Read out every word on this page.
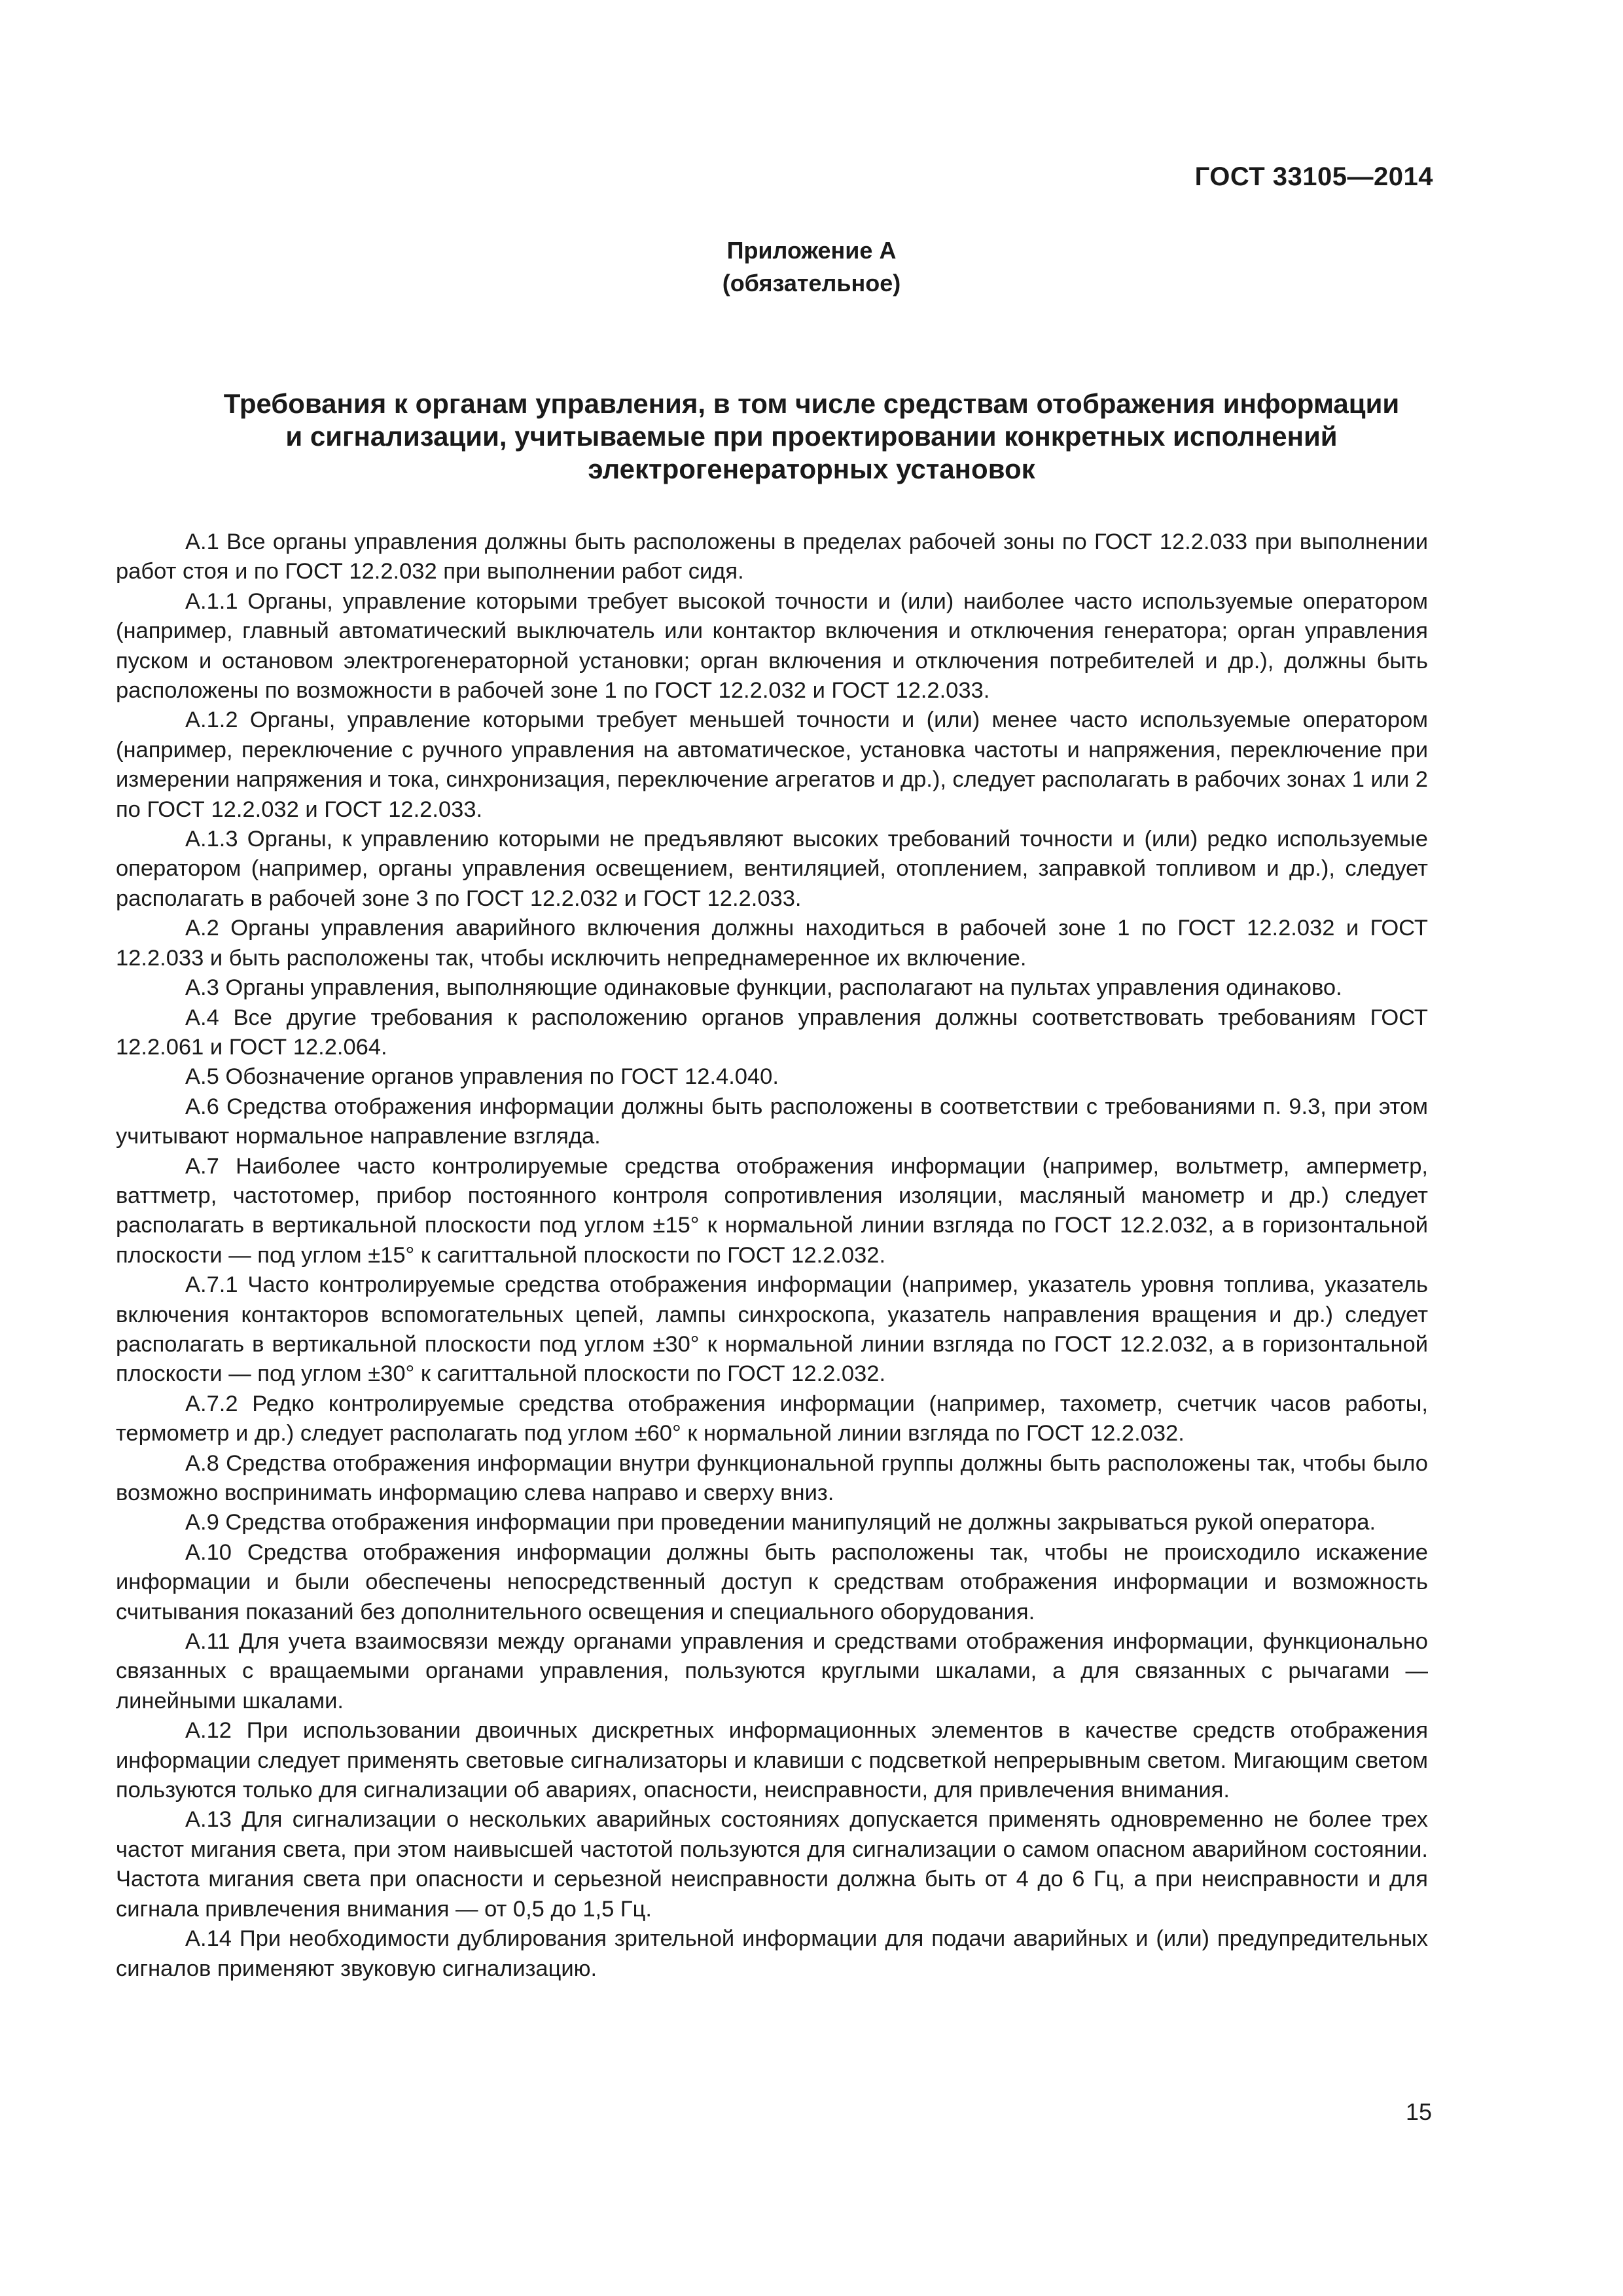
ГОСТ 33105—2014
Приложение А
(обязательное)
Требования к органам управления, в том числе средствам отображения информации
и сигнализации, учитываемые при проектировании конкретных исполнений
электрогенераторных установок

А.1 Все органы управления должны быть расположены в пределах рабочей зоны по ГОСТ 12.2.033 при выполнении работ стоя и по ГОСТ 12.2.032 при выполнении работ сидя.

А.1.1 Органы, управление которыми требует высокой точности и (или) наиболее часто используемые оператором (например, главный автоматический выключатель или контактор включения и отключения генератора; орган управления пуском и остановом электрогенераторной установки; орган включения и отключения потребителей и др.), должны быть расположены по возможности в рабочей зоне 1 по ГОСТ 12.2.032 и ГОСТ 12.2.033.

А.1.2 Органы, управление которыми требует меньшей точности и (или) менее часто используемые оператором (например, переключение с ручного управления на автоматическое, установка частоты и напряжения, переключение при измерении напряжения и тока, синхронизация, переключение агрегатов и др.), следует располагать в рабочих зонах 1 или 2 по ГОСТ 12.2.032 и ГОСТ 12.2.033.

А.1.3 Органы, к управлению которыми не предъявляют высоких требований точности и (или) редко используемые оператором (например, органы управления освещением, вентиляцией, отоплением, заправкой топливом и др.), следует располагать в рабочей зоне 3 по ГОСТ 12.2.032 и ГОСТ 12.2.033.

А.2 Органы управления аварийного включения должны находиться в рабочей зоне 1 по ГОСТ 12.2.032 и ГОСТ 12.2.033 и быть расположены так, чтобы исключить непреднамеренное их включение.

А.3 Органы управления, выполняющие одинаковые функции, располагают на пультах управления одинаково.

А.4 Все другие требования к расположению органов управления должны соответствовать требованиям ГОСТ 12.2.061 и ГОСТ 12.2.064.

А.5 Обозначение органов управления по ГОСТ 12.4.040.

А.6 Средства отображения информации должны быть расположены в соответствии с требованиями п. 9.3, при этом учитывают нормальное направление взгляда.

А.7 Наиболее часто контролируемые средства отображения информации (например, вольтметр, амперметр, ваттметр, частотомер, прибор постоянного контроля сопротивления изоляции, масляный манометр и др.) следует располагать в вертикальной плоскости под углом ±15° к нормальной линии взгляда по ГОСТ 12.2.032, а в горизонтальной плоскости — под углом ±15° к сагиттальной плоскости по ГОСТ 12.2.032.

А.7.1 Часто контролируемые средства отображения информации (например, указатель уровня топлива, указатель включения контакторов вспомогательных цепей, лампы синхроскопа, указатель направления вращения и др.) следует располагать в вертикальной плоскости под углом ±30° к нормальной линии взгляда по ГОСТ 12.2.032, а в горизонтальной плоскости — под углом ±30° к сагиттальной плоскости по ГОСТ 12.2.032.

А.7.2 Редко контролируемые средства отображения информации (например, тахометр, счетчик часов работы, термометр и др.) следует располагать под углом ±60° к нормальной линии взгляда по ГОСТ 12.2.032.

А.8 Средства отображения информации внутри функциональной группы должны быть расположены так, чтобы было возможно воспринимать информацию слева направо и сверху вниз.

А.9 Средства отображения информации при проведении манипуляций не должны закрываться рукой оператора.

А.10 Средства отображения информации должны быть расположены так, чтобы не происходило искажение информации и были обеспечены непосредственный доступ к средствам отображения информации и возможность считывания показаний без дополнительного освещения и специального оборудования.

А.11 Для учета взаимосвязи между органами управления и средствами отображения информации, функционально связанных с вращаемыми органами управления, пользуются круглыми шкалами, а для связанных с рычагами — линейными шкалами.

А.12 При использовании двоичных дискретных информационных элементов в качестве средств отображения информации следует применять световые сигнализаторы и клавиши с подсветкой непрерывным светом. Мигающим светом пользуются только для сигнализации об авариях, опасности, неисправности, для привлечения внимания.

А.13 Для сигнализации о нескольких аварийных состояниях допускается применять одновременно не более трех частот мигания света, при этом наивысшей частотой пользуются для сигнализации о самом опасном аварийном состоянии. Частота мигания света при опасности и серьезной неисправности должна быть от 4 до 6 Гц, а при неисправности и для сигнала привлечения внимания — от 0,5 до 1,5 Гц.

А.14 При необходимости дублирования зрительной информации для подачи аварийных и (или) предупредительных сигналов применяют звуковую сигнализацию.

15
